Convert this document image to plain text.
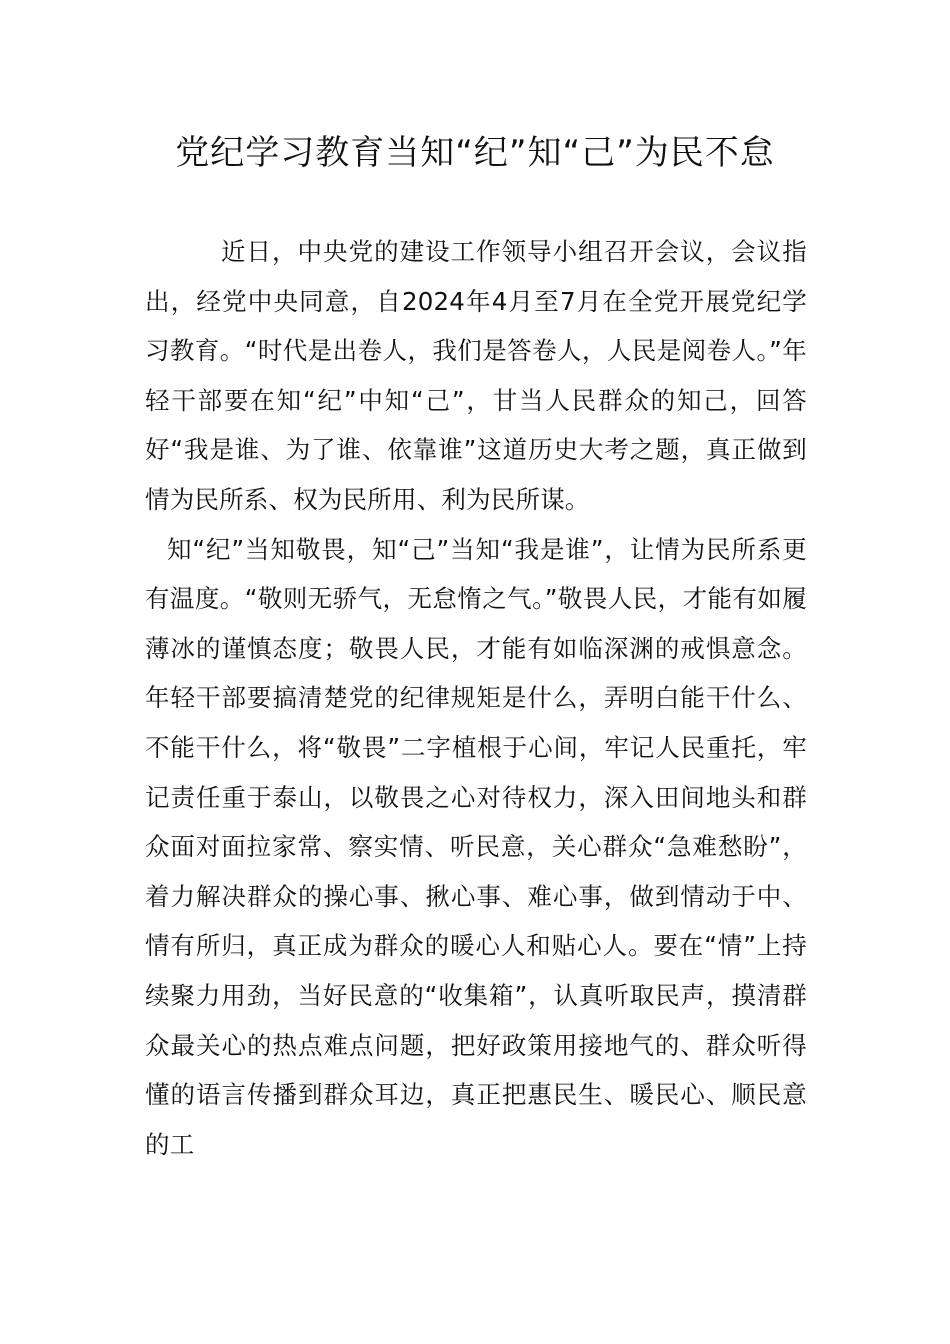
党纪学习教育当知“纪”知“己”为民不怠

近日，中央党的建设工作领导小组召开会议，会议指出，经党中央同意，自2024年4月至7月在全党开展党纪学习教育。“时代是出卷人，我们是答卷人，人民是阅卷人。”年轻干部要在知“纪”中知“己”，甘当人民群众的知己，回答好“我是谁、为了谁、依靠谁”这道历史大考之题，真正做到情为民所系、权为民所用、利为民所谋。

知“纪”当知敬畏，知“己”当知“我是谁”，让情为民所系更有温度。“敬则无骄气，无怠惰之气。”敬畏人民，才能有如履薄冰的谨慎态度；敬畏人民，才能有如临深渊的戒惧意念。年轻干部要搞清楚党的纪律规矩是什么，弄明白能干什么、不能干什么，将“敬畏”二字植根于心间，牢记人民重托，牢记责任重于泰山，以敬畏之心对待权力，深入田间地头和群众面对面拉家常、察实情、听民意，关心群众“急难愁盼”，着力解决群众的操心事、揪心事、难心事，做到情动于中、情有所归，真正成为群众的暖心人和贴心人。要在“情”上持续聚力用劲，当好民意的“收集箱”，认真听取民声，摸清群众最关心的热点难点问题，把好政策用接地气的、群众听得懂的语言传播到群众耳边，真正把惠民生、暖民心、顺民意的工
